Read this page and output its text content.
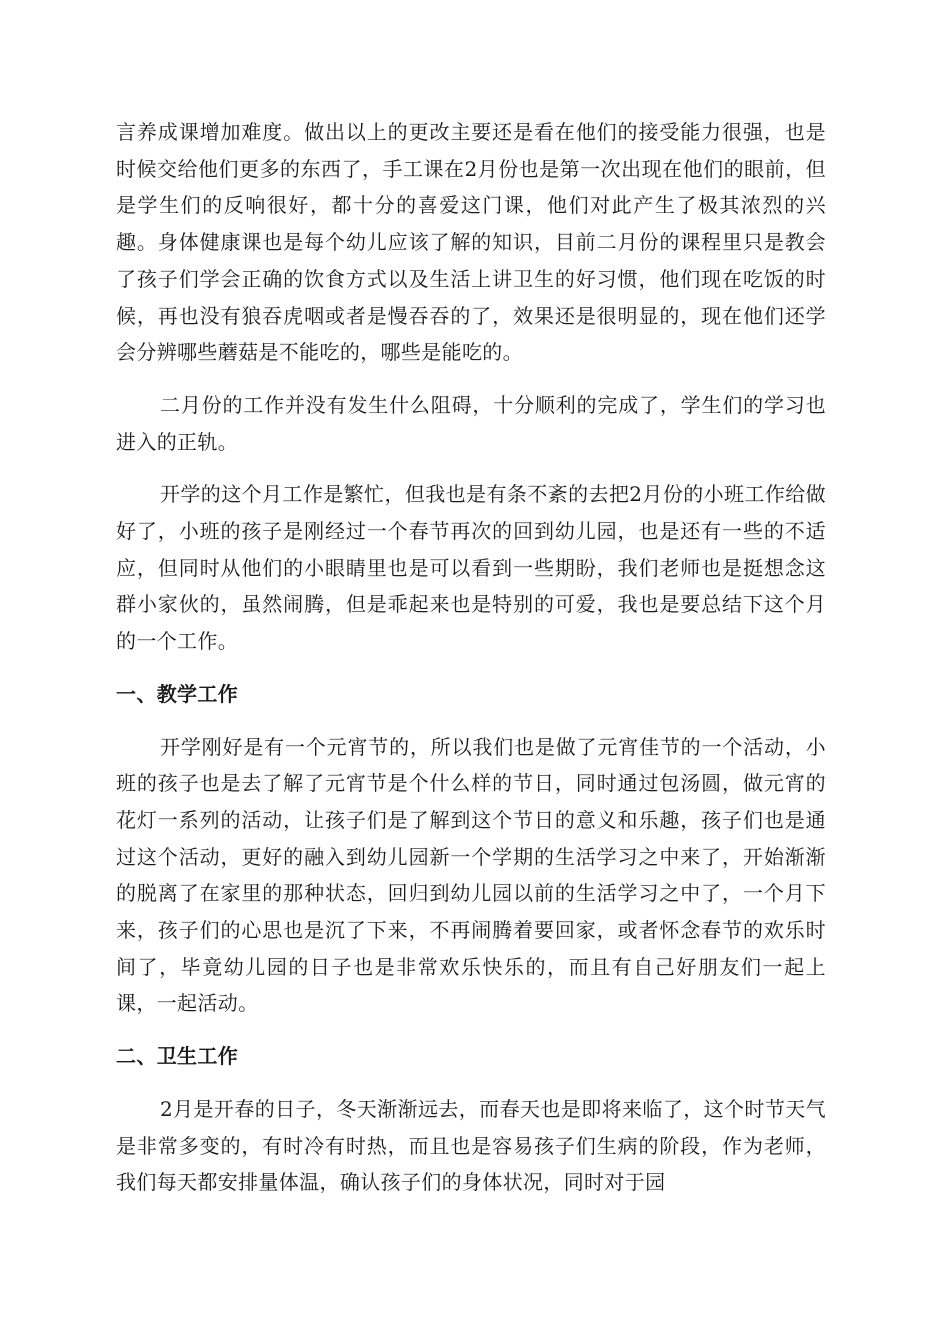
言养成课增加难度。做出以上的更改主要还是看在他们的接受能力很强，也是时候交给他们更多的东西了，手工课在2月份也是第一次出现在他们的眼前，但是学生们的反响很好，都十分的喜爱这门课，他们对此产生了极其浓烈的兴趣。身体健康课也是每个幼儿应该了解的知识，目前二月份的课程里只是教会了孩子们学会正确的饮食方式以及生活上讲卫生的好习惯，他们现在吃饭的时候，再也没有狼吞虎咽或者是慢吞吞的了，效果还是很明显的，现在他们还学会分辨哪些蘑菇是不能吃的，哪些是能吃的。

二月份的工作并没有发生什么阻碍，十分顺利的完成了，学生们的学习也进入的正轨。

开学的这个月工作是繁忙，但我也是有条不紊的去把2月份的小班工作给做好了，小班的孩子是刚经过一个春节再次的回到幼儿园，也是还有一些的不适应，但同时从他们的小眼睛里也是可以看到一些期盼，我们老师也是挺想念这群小家伙的，虽然闹腾，但是乖起来也是特别的可爱，我也是要总结下这个月的一个工作。

一、教学工作

开学刚好是有一个元宵节的，所以我们也是做了元宵佳节的一个活动，小班的孩子也是去了解了元宵节是个什么样的节日，同时通过包汤圆，做元宵的花灯一系列的活动，让孩子们是了解到这个节日的意义和乐趣，孩子们也是通过这个活动，更好的融入到幼儿园新一个学期的生活学习之中来了，开始渐渐的脱离了在家里的那种状态，回归到幼儿园以前的生活学习之中了，一个月下来，孩子们的心思也是沉了下来，不再闹腾着要回家，或者怀念春节的欢乐时间了，毕竟幼儿园的日子也是非常欢乐快乐的，而且有自己好朋友们一起上课，一起活动。

二、卫生工作

2月是开春的日子，冬天渐渐远去，而春天也是即将来临了，这个时节天气是非常多变的，有时冷有时热，而且也是容易孩子们生病的阶段，作为老师，我们每天都安排量体温，确认孩子们的身体状况，同时对于园
